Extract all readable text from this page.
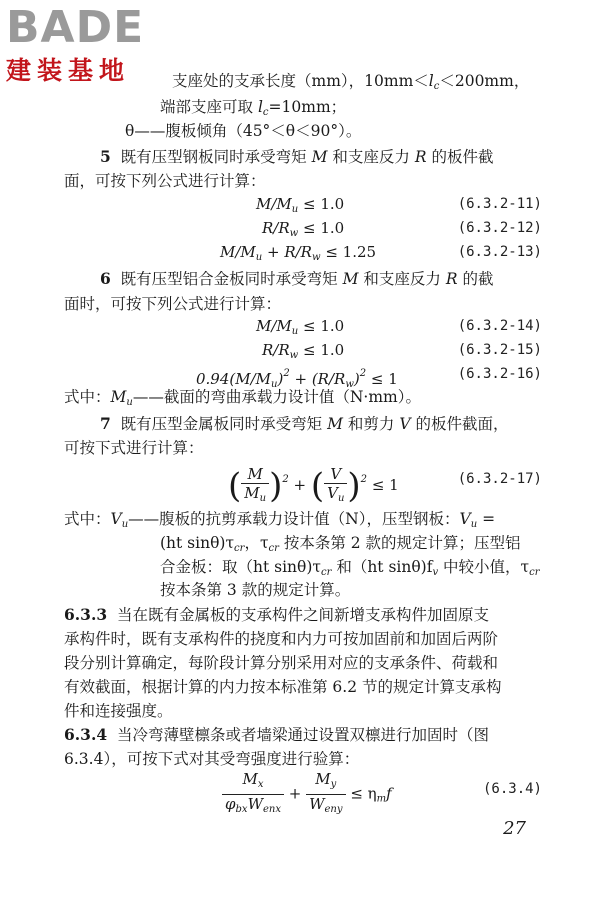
BADE
建装基地	支座处的支承长度（mm），$10mm<l_c<200mm$，
端部支座可取 $l_c=10mm$；
θ——腹板倾角（45°＜θ＜90°）。
5 既有压型钢板同时承受弯矩 M 和支座反力 R 的板件截
面，可按下列公式进行计算：
$M/M_u \le 1.0$	(6.3.2-11)
$R/R_w \le 1.0$	(6.3.2-12)
$M/M_u + R/R_w \le 1.25$	(6.3.2-13)
6 既有压型铝合金板同时承受弯矩 M 和支座反力 R 的截
面时，可按下列公式进行计算：
$M/M_u \le 1.0$	(6.3.2-14)
$R/R_w \le 1.0$	(6.3.2-15)
$0.94(M/M_u)^2 + (R/R_w)^2 \le 1$	(6.3.2-16)
式中：$M_u——$截面的弯曲承载力设计值（N·mm）。
7 既有压型金属板同时承受弯矩 M 和剪力 V 的板件截面，
可按下式进行计算：
( $\frac{M}{M_u} )^2$ + ( $\frac{V}{V_u} )^2 \le 1$	(6.3.2-17)
式中：$V_u——$腹板的抗剪承载力设计值（N），压型钢板：$V_u$ =
(ht $\sin\theta)\tau_{cr}$，$\tau_{cr}$ 按本条第 2 款的规定计算；压型铝
合金板：取（ht $\sin\theta)\tau_{cr}$ 和（ht $\sin\theta)f_v$ 中较小值，$\tau_{cr}$
按本条第 3 款的规定计算。
6.3.3 当在既有金属板的支承构件之间新增支承构件加固原支
承构件时，既有支承构件的挠度和内力可按加固前和加固后两阶
段分别计算确定，每阶段计算分别采用对应的支承条件、荷载和
有效截面，根据计算的内力按本标准第 6.2 节的规定计算支承构
件和连接强度。
6.3.4 当冷弯薄壁檩条或者墙梁通过设置双檩进行加固时（图
6.3.4），可按下式对其受弯强度进行验算：
$\frac{M_x}{\varphi_{bx}W_{enx}} + \frac{M_y}{W_{eny}} \le \eta_mf$	(6.3.4)
27
